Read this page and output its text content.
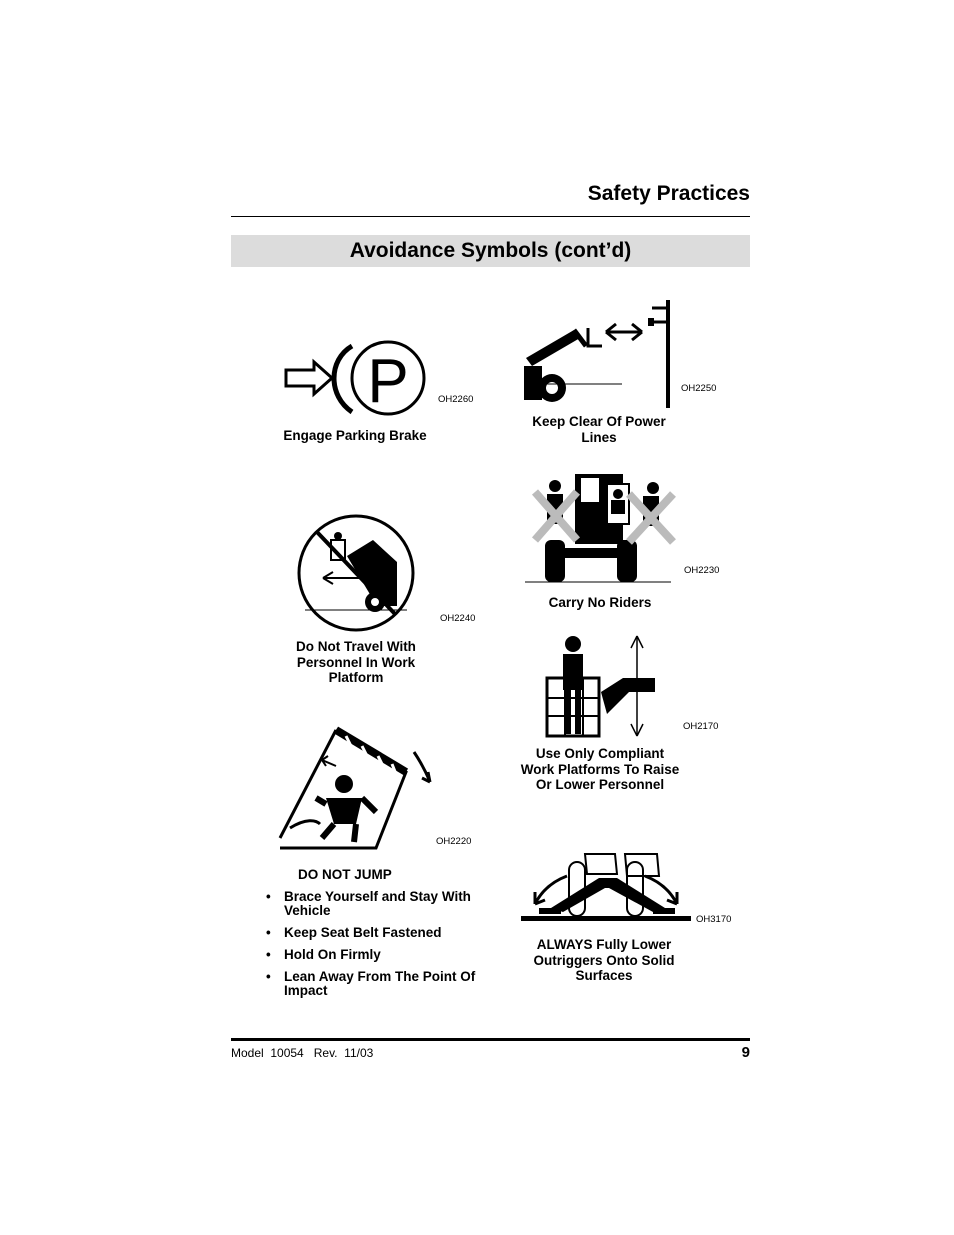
Safety Practices
Avoidance Symbols (cont’d)
P	OH2260
Engage Parking Brake
OH2250
Keep Clear Of Power Lines
OH2230
Carry No Riders
OH2240
Do Not Travel With Personnel In Work Platform
OH2170
Use Only Compliant Work Platforms To Raise Or Lower Personnel
OH2220
DO NOT JUMP
• Brace Yourself and Stay With Vehicle
• Keep Seat Belt Fastened
• Hold On Firmly
• Lean Away From The Point Of Impact
OH3170
ALWAYS Fully Lower Outriggers Onto Solid Surfaces
Model  10054   Rev.  11/03	9
